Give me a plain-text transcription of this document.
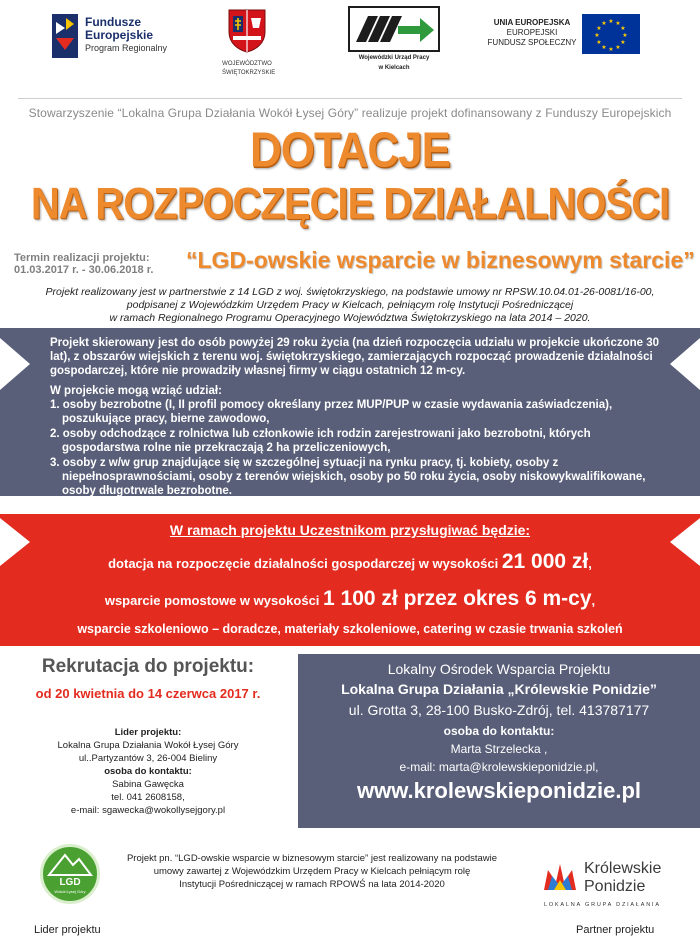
Fundusze
Europejskie
Program Regionalny
WOJEWÓDZTWO
ŚWIĘTOKRZYSKIE
Wojewódzki Urząd Pracy
w Kielcach
UNIA EUROPEJSKA
EUROPEJSKI
FUNDUSZ SPOŁECZNY
★ ★
★
★
★
★
★
★
★
★
★
★
Stowarzyszenie “Lokalna Grupa Działania Wokół Łysej Góry” realizuje projekt dofinansowany z Funduszy Europejskich
DOTACJE
NA ROZPOCZĘCIE DZIAŁALNOŚCI
Termin realizacji projektu:
01.03.2017 r. - 30.06.2018 r. “LGD-owskie wsparcie w biznesowym starcie”
Projekt realizowany jest w partnerstwie z 14 LGD z woj. świętokrzyskiego, na podstawie umowy nr RPSW.10.04.01-26-0081/16-00,
podpisanej z Wojewódzkim Urzędem Pracy w Kielcach, pełniącym rolę Instytucji Pośredniczącej
w ramach Regionalnego Programu Operacyjnego Województwa Świętokrzyskiego na lata 2014 – 2020.

Projekt skierowany jest do osób powyżej 29 roku życia (na dzień rozpoczęcia udziału w projekcie ukończone 30 lat), z obszarów wiejskich z terenu woj. świętokrzyskiego, zamierzających rozpocząć prowadzenie działalności gospodarczej, które nie prowadziły własnej firmy w ciągu ostatnich 12 m-cy.

W projekcie mogą wziąć udział:
1. osoby bezrobotne (I, II profil pomocy określany przez MUP/PUP w czasie wydawania zaświadczenia), poszukujące pracy, bierne zawodowo,
2. osoby odchodzące z rolnictwa lub członkowie ich rodzin zarejestrowani jako bezrobotni, których gospodarstwa rolne nie przekraczają 2 ha przeliczeniowych,
3. osoby z w/w grup znajdujące się w szczególnej sytuacji na rynku pracy, tj. kobiety, osoby z niepełnosprawnościami, osoby z terenów wiejskich, osoby po 50 roku życia, osoby niskowykwalifikowane, osoby długotrwale bezrobotne.
W ramach projektu Uczestnikom przysługiwać będzie:
dotacja na rozpoczęcie działalności gospodarczej w wysokości 21 000 zł,
wsparcie pomostowe w wysokości 1 100 zł przez okres 6 m-cy,
wsparcie szkoleniowo – doradcze, materiały szkoleniowe, catering w czasie trwania szkoleń
Rekrutacja do projektu:
od 20 kwietnia do 14 czerwca 2017 r.
Lider projektu:
Lokalna Grupa Działania Wokół Łysej Góry
ul..Partyzantów 3, 26-004 Bieliny
osoba do kontaktu:
Sabina Gawęcka
tel. 041 2608158,
e-mail: sgawecka@wokollysejgory.pl
Lokalny Ośrodek Wsparcia Projektu
Lokalna Grupa Działania „Królewskie Ponidzie”
ul. Grotta 3, 28-100 Busko-Zdrój, tel. 413787177
osoba do kontaktu:
Marta Strzelecka ,
e-mail: marta@krolewskieponidzie.pl,
www.krolewskieponidzie.pl
LGD
Wokół Łysej Góry
Lider projektu
Projekt pn. “LGD-owskie wsparcie w biznesowym starcie” jest realizowany na podstawie
umowy zawartej z Wojewódzkim Urzędem Pracy w Kielcach pełniącym rolę
Instytucji Pośredniczącej w ramach RPOWŚ na lata 2014-2020
Królewskie
Ponidzie
LOKALNA GRUPA DZIAŁANIA
Partner projektu
